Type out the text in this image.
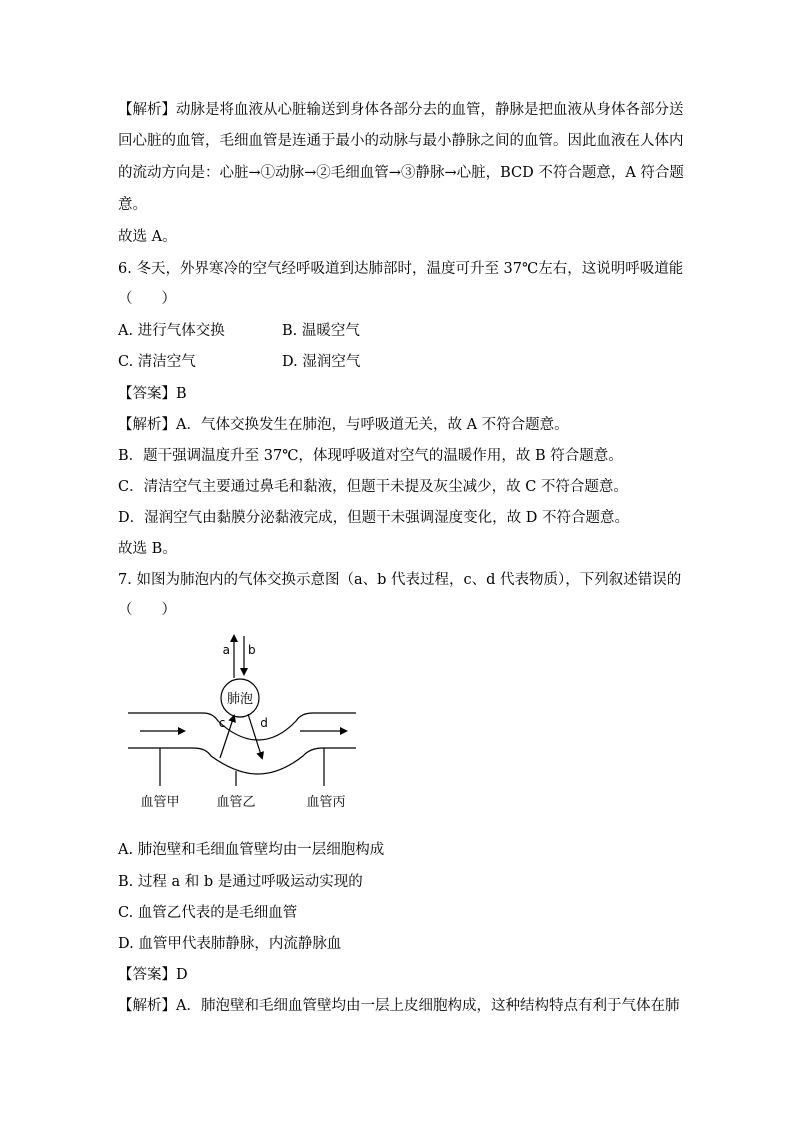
【解析】动脉是将血液从心脏输送到身体各部分去的血管，静脉是把血液从身体各部分送
回心脏的血管，毛细血管是连通于最小的动脉与最小静脉之间的血管。因此血液在人体内
的流动方向是：心脏→①动脉→②毛细血管→③静脉→心脏，BCD 不符合题意，A 符合题
意。
故选 A。
6. 冬天，外界寒冷的空气经呼吸道到达肺部时，温度可升至 37℃左右，这说明呼吸道能
（　　）
A. 进行气体交换	B. 温暖空气
C. 清洁空气	D. 湿润空气
【答案】B
【解析】A．气体交换发生在肺泡，与呼吸道无关，故 A 不符合题意。
B．题干强调温度升至 37℃，体现呼吸道对空气的温暖作用，故 B 符合题意。
C．清洁空气主要通过鼻毛和黏液，但题干未提及灰尘减少，故 C 不符合题意。
D．湿润空气由黏膜分泌黏液完成，但题干未强调湿度变化，故 D 不符合题意。
故选 B。
7. 如图为肺泡内的气体交换示意图（a、b 代表过程，c、d 代表物质），下列叙述错误的
（　　）
肺泡
a b
c	d
血管甲	血管乙	血管丙
A. 肺泡壁和毛细血管壁均由一层细胞构成
B. 过程 a 和 b 是通过呼吸运动实现的
C. 血管乙代表的是毛细血管
D. 血管甲代表肺静脉，内流静脉血
【答案】D
【解析】A．肺泡壁和毛细血管壁均由一层上皮细胞构成，这种结构特点有利于气体在肺
